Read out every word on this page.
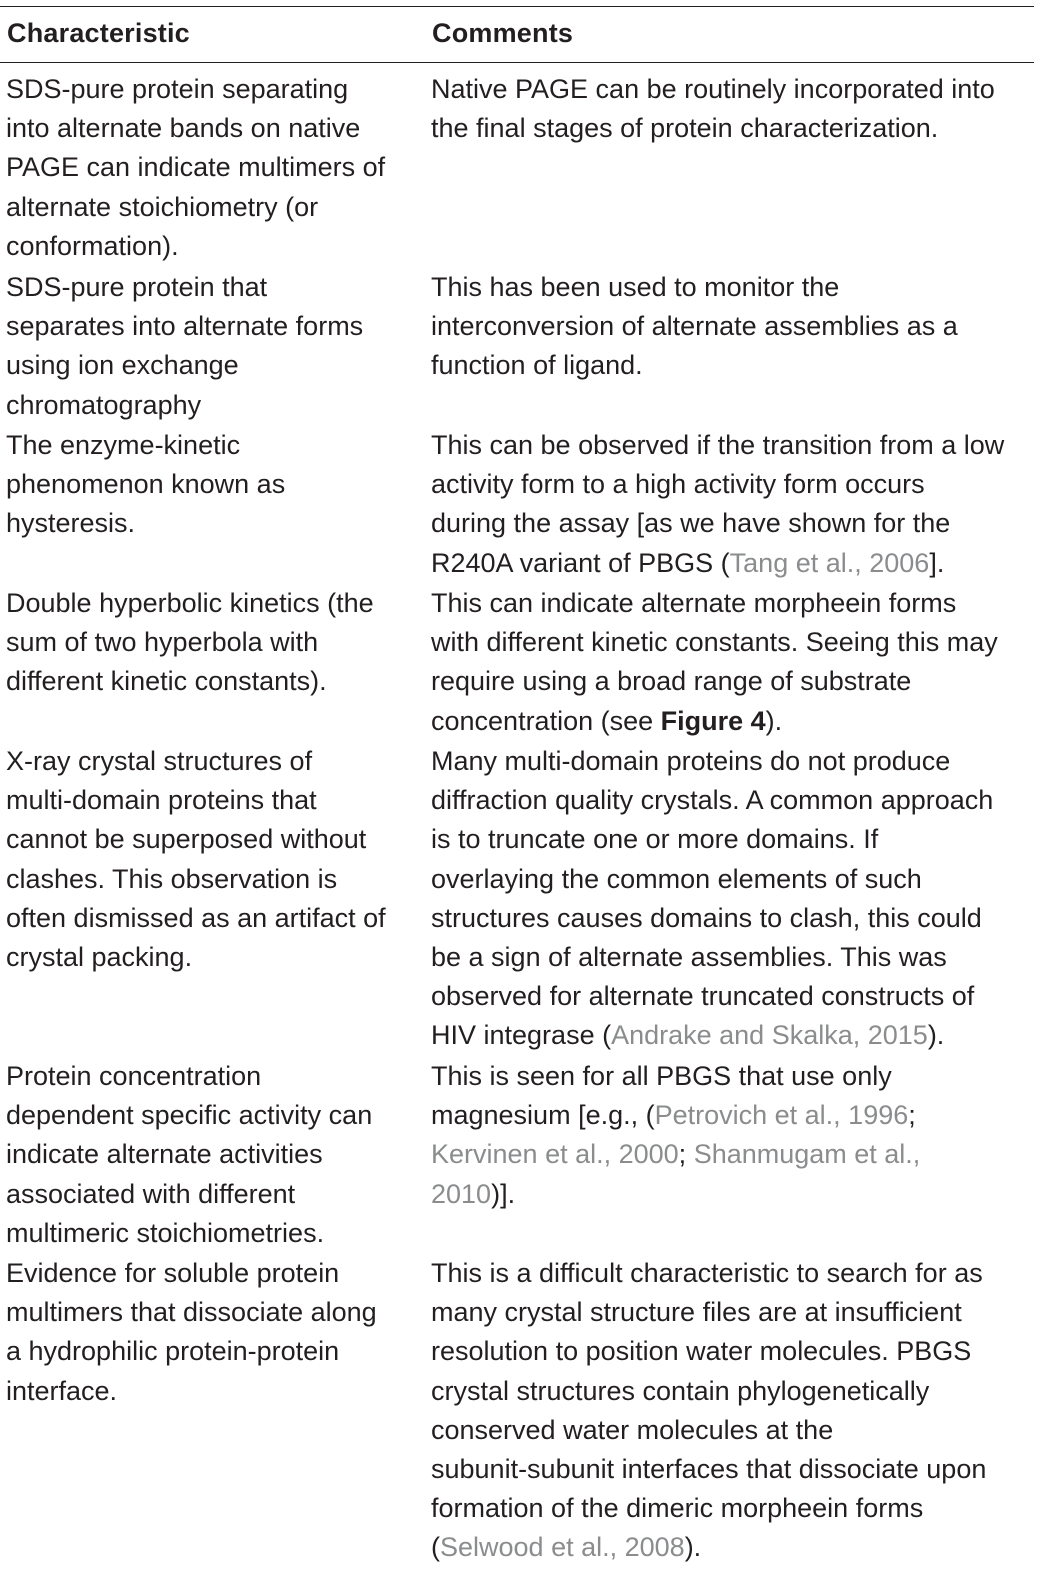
Characteristic	Comments
SDS-pure protein separating
into alternate bands on native
PAGE can indicate multimers of
alternate stoichiometry (or
conformation).
Native PAGE can be routinely incorporated into
the final stages of protein characterization.
SDS-pure protein that
separates into alternate forms
using ion exchange
chromatography
This has been used to monitor the
interconversion of alternate assemblies as a
function of ligand.
The enzyme-kinetic
phenomenon known as
hysteresis.
This can be observed if the transition from a low
activity form to a high activity form occurs
during the assay [as we have shown for the
R240A variant of PBGS (Tang et al., 2006].
Double hyperbolic kinetics (the
sum of two hyperbola with
different kinetic constants).
This can indicate alternate morpheein forms
with different kinetic constants. Seeing this may
require using a broad range of substrate
concentration (see Figure 4).
X-ray crystal structures of
multi-domain proteins that
cannot be superposed without
clashes. This observation is
often dismissed as an artifact of
crystal packing.
Many multi-domain proteins do not produce
diffraction quality crystals. A common approach
is to truncate one or more domains. If
overlaying the common elements of such
structures causes domains to clash, this could
be a sign of alternate assemblies. This was
observed for alternate truncated constructs of
HIV integrase (Andrake and Skalka, 2015).
Protein concentration
dependent specific activity can
indicate alternate activities
associated with different
multimeric stoichiometries.
This is seen for all PBGS that use only
magnesium [e.g., (Petrovich et al., 1996;
Kervinen et al., 2000; Shanmugam et al.,
2010)].
Evidence for soluble protein
multimers that dissociate along
a hydrophilic protein-protein
interface.
This is a difficult characteristic to search for as
many crystal structure files are at insufficient
resolution to position water molecules. PBGS
crystal structures contain phylogenetically
conserved water molecules at the
subunit-subunit interfaces that dissociate upon
formation of the dimeric morpheein forms
(Selwood et al., 2008).
